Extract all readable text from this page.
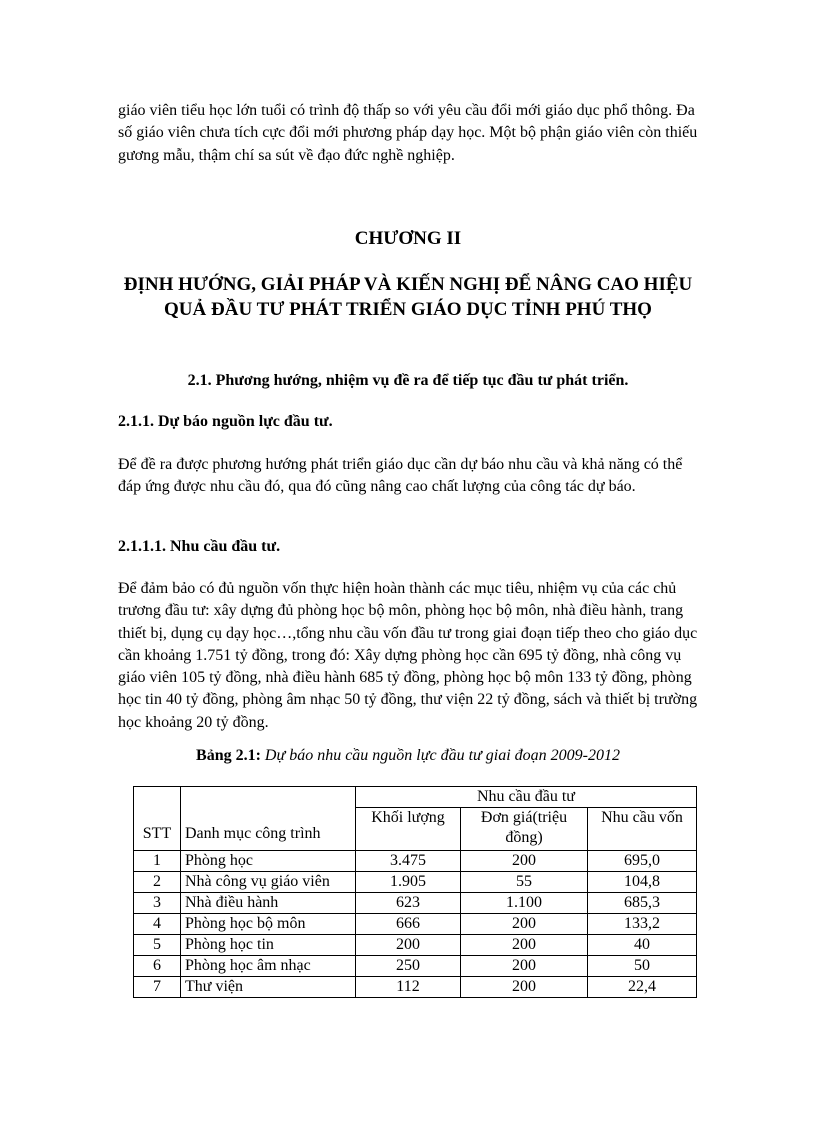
giáo viên tiểu học lớn tuổi có trình độ thấp so với yêu cầu đổi mới giáo dục phổ thông. Đa số giáo viên chưa tích cực đổi mới phương pháp dạy học. Một bộ phận giáo viên còn thiếu gương mẫu, thậm chí sa sút về đạo đức nghề nghiệp.

CHƯƠNG II
ĐỊNH HƯỚNG, GIẢI PHÁP VÀ KIẾN NGHỊ ĐỂ NÂNG CAO HIỆU QUẢ ĐẦU TƯ PHÁT TRIỂN GIÁO DỤC TỈNH PHÚ THỌ
2.1. Phương hướng, nhiệm vụ đề ra để tiếp tục đầu tư phát triển.
2.1.1. Dự báo nguồn lực đầu tư.

Để đề ra được phương hướng phát triển giáo dục cần dự báo nhu cầu và khả năng có thể đáp ứng được nhu cầu đó, qua đó cũng nâng cao chất lượng của công tác dự báo.

2.1.1.1. Nhu cầu đầu tư.

Để đảm bảo có đủ nguồn vốn thực hiện hoàn thành các mục tiêu, nhiệm vụ của các chủ trương đầu tư: xây dựng đủ phòng học bộ môn, phòng học bộ môn, nhà điều hành, trang thiết bị, dụng cụ dạy học…,tổng nhu cầu vốn đầu tư trong giai đoạn tiếp theo cho giáo dục cần khoảng 1.751 tỷ đồng, trong đó: Xây dựng phòng học cần 695 tỷ đồng, nhà công vụ giáo viên 105 tỷ đồng, nhà điều hành 685 tỷ đồng, phòng học bộ môn 133 tỷ đồng, phòng học tin 40 tỷ đồng, phòng âm nhạc 50 tỷ đồng, thư viện 22 tỷ đồng, sách và thiết bị trường học khoảng 20 tỷ đồng.

Bảng 2.1: Dự báo nhu cầu nguồn lực đầu tư giai đoạn 2009-2012

STT	Danh mục công trình	Nhu cầu đầu tư		
		Khối lượng	Đơn giá(triệu đồng)	Nhu cầu vốn
1	Phòng học	3.475	200	695,0
2	Nhà công vụ giáo viên	1.905	55	104,8
3	Nhà điều hành	623	1.100	685,3
4	Phòng học bộ môn	666	200	133,2
5	Phòng học tin	200	200	40
6	Phòng học âm nhạc	250	200	50
7	Thư viện	112	200	22,4
